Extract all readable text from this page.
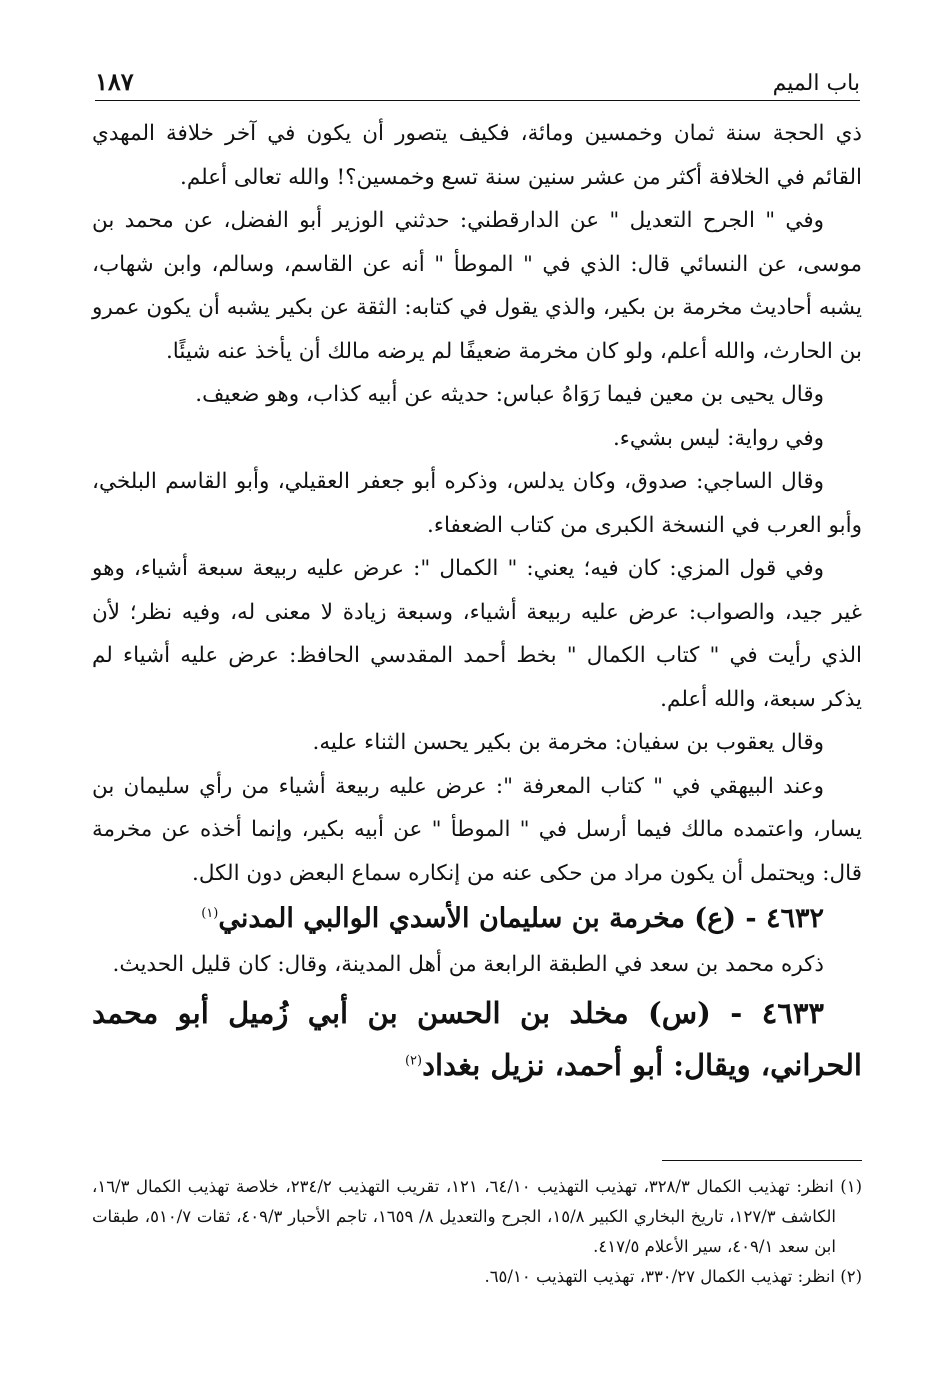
باب الميم
١٨٧

ذي الحجة سنة ثمان وخمسين ومائة، فكيف يتصور أن يكون في آخر خلافة المهدي القائم في الخلافة أكثر من عشر سنين سنة تسع وخمسين؟! والله تعالى أعلم.

وفي " الجرح التعديل " عن الدارقطني: حدثني الوزير أبو الفضل، عن محمد بن موسى، عن النسائي قال: الذي في " الموطأ " أنه عن القاسم، وسالم، وابن شهاب، يشبه أحاديث مخرمة بن بكير، والذي يقول في كتابه: الثقة عن بكير يشبه أن يكون عمرو بن الحارث، والله أعلم، ولو كان مخرمة ضعيفًا لم يرضه مالك أن يأخذ عنه شيئًا.

وقال يحيى بن معين فيما رَوَاهُ عباس: حديثه عن أبيه كذاب، وهو ضعيف.

وفي رواية: ليس بشيء.

وقال الساجي: صدوق، وكان يدلس، وذكره أبو جعفر العقيلي، وأبو القاسم البلخي، وأبو العرب في النسخة الكبرى من كتاب الضعفاء.

وفي قول المزي: كان فيه؛ يعني: " الكمال ": عرض عليه ربيعة سبعة أشياء، وهو غير جيد، والصواب: عرض عليه ربيعة أشياء، وسبعة زيادة لا معنى له، وفيه نظر؛ لأن الذي رأيت في " كتاب الكمال " بخط أحمد المقدسي الحافظ: عرض عليه أشياء لم يذكر سبعة، والله أعلم.

وقال يعقوب بن سفيان: مخرمة بن بكير يحسن الثناء عليه.

وعند البيهقي في " كتاب المعرفة ": عرض عليه ربيعة أشياء من رأي سليمان بن يسار، واعتمده مالك فيما أرسل في " الموطأ " عن أبيه بكير، وإنما أخذه عن مخرمة قال: ويحتمل أن يكون مراد من حكى عنه من إنكاره سماع البعض دون الكل.

٤٦٣٢ - (ع) مخرمة بن سليمان الأسدي الوالبي المدني$^{(١)}$

ذكره محمد بن سعد في الطبقة الرابعة من أهل المدينة، وقال: كان قليل الحديث.

٤٦٣٣ - (س) مخلد بن الحسن بن أبي زُميل أبو محمد الحراني، ويقال: أبو أحمد، نزيل بغداد$^{(٢)}$

(١) انظر: تهذيب الكمال ٣٢٨/٣، تهذيب التهذيب ٦٤/١٠، ١٢١، تقريب التهذيب ٢٣٤/٢، خلاصة تهذيب الكمال ١٦/٣، الكاشف ١٢٧/٣، تاريخ البخاري الكبير ١٥/٨، الجرح والتعديل ٨/ ١٦٥٩، تاجم الأحبار ٤٠٩/٣، ثقات ٥١٠/٧، طبقات ابن سعد ٤٠٩/١، سير الأعلام ٤١٧/٥.

(٢) انظر: تهذيب الكمال ٣٣٠/٢٧، تهذيب التهذيب ٦٥/١٠.
